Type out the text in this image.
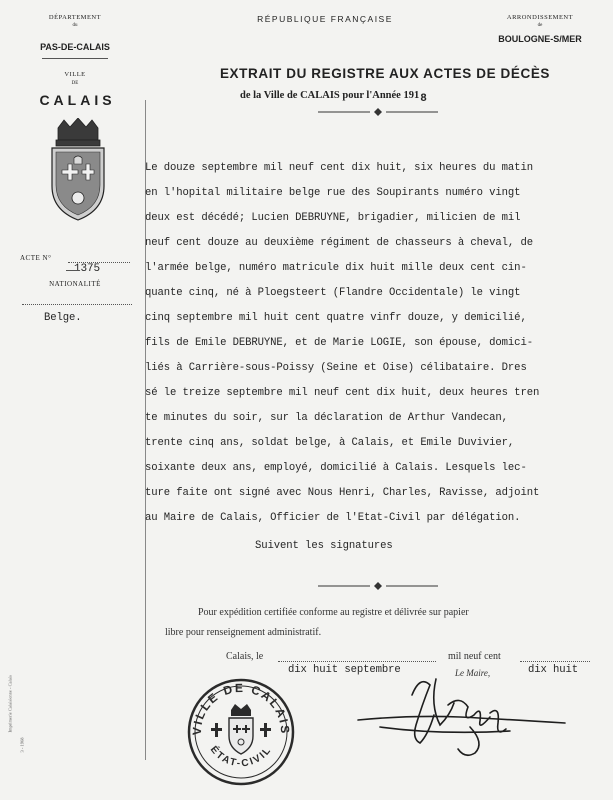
Imprimerie Calaisienne - Calais
3 - 1968
DÉPARTEMENT
du
PAS-DE-CALAIS
VILLE
DE
CALAIS
ACTE N°
1375
NATIONALITÉ
Belge.
RÉPUBLIQUE FRANÇAISE	ARRONDISSEMENT
de
BOULOGNE-S/MER
EXTRAIT DU REGISTRE AUX ACTES DE DÉCÈS
de la Ville de CALAIS pour l'Année 1918
Le douze septembre mil neuf cent dix huit, six heures du matin
en l'hopital militaire belge rue des Soupirants numéro vingt
deux est décédé; Lucien DEBRUYNE, brigadier, milicien de mil
neuf cent douze au deuxième régiment de chasseurs à cheval, de
l'armée belge, numéro matricule dix huit mille deux cent cin-
quante cinq, né à Ploegsteert (Flandre Occidentale) le vingt
cinq septembre mil huit cent quatre vinfr douze, y demicilié,
fils de Emile DEBRUYNE, et de Marie LOGIE, son épouse, domici-
liés à Carrière-sous-Poissy (Seine et Oise) célibataire. Dres
sé le treize septembre mil neuf cent dix huit, deux heures tren
te minutes du soir, sur la déclaration de Arthur Vandecan,
trente cinq ans, soldat belge, à Calais, et Emile Duvivier,
soixante deux ans, employé, domicilié à Calais. Lesquels lec-
ture faite ont signé avec Nous Henri, Charles, Ravisse, adjoint
au Maire de Calais, Officier de l'Etat-Civil par délégation.
Suivent les signatures
Pour expédition certifiée conforme au registre et délivrée sur papier
libre pour renseignement administratif.
Calais, le	mil neuf cent
dix huit septembre	Le Maire,	dix huit
VILLE DE CALAIS
ÉTAT-CIVIL
